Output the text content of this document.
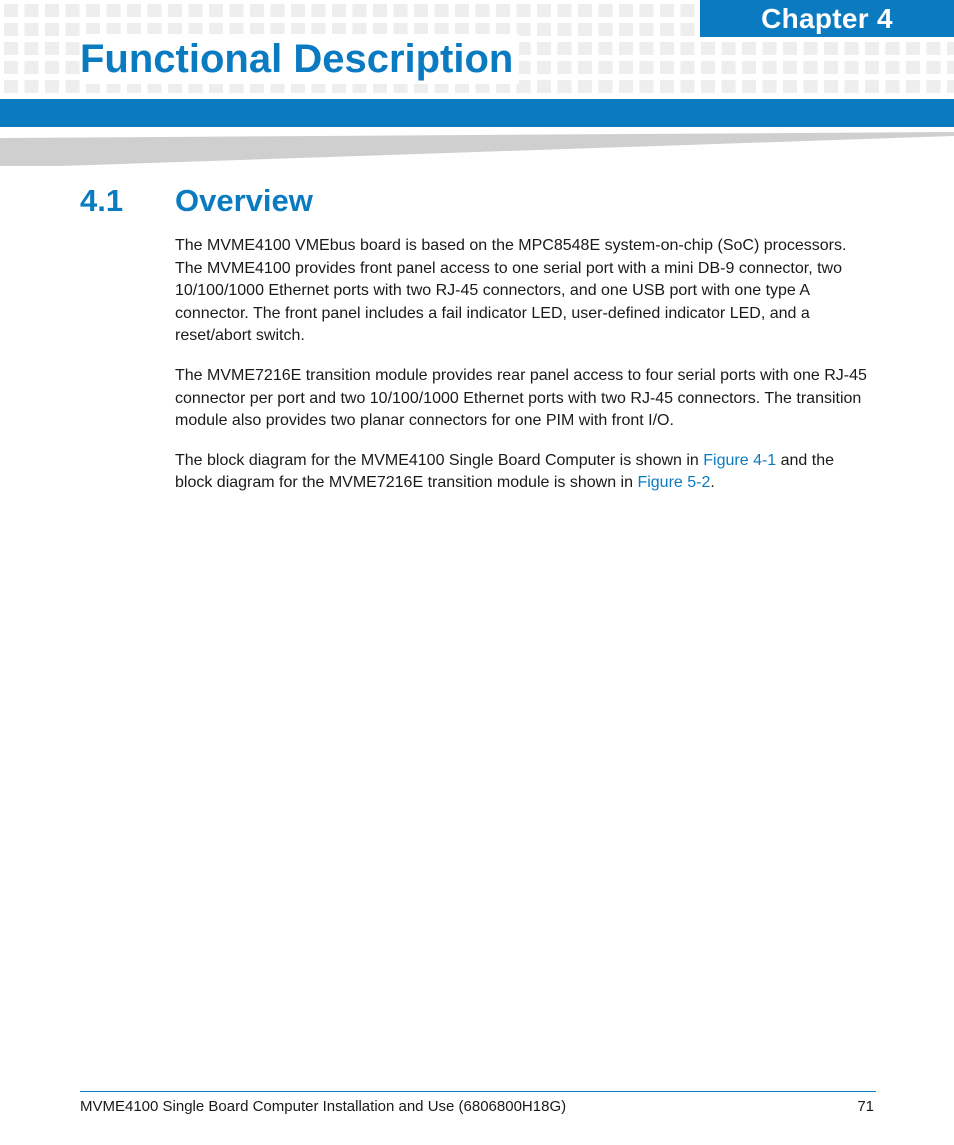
Chapter 4
Functional Description
4.1	Overview

The MVME4100 VMEbus board is based on the MPC8548E system-on-chip (SoC) processors. The MVME4100 provides front panel access to one serial port with a mini DB-9 connector, two 10/100/1000 Ethernet ports with two RJ-45 connectors, and one USB port with one type A connector. The front panel includes a fail indicator LED, user-defined indicator LED, and a reset/abort switch.

The MVME7216E transition module provides rear panel access to four serial ports with one RJ-45 connector per port and two 10/100/1000 Ethernet ports with two RJ-45 connectors. The transition module also provides two planar connectors for one PIM with front I/O.

The block diagram for the MVME4100 Single Board Computer is shown in Figure 4-1 and the block diagram for the MVME7216E transition module is shown in Figure 5-2.

MVME4100 Single Board Computer Installation and Use (6806800H18G)	71
